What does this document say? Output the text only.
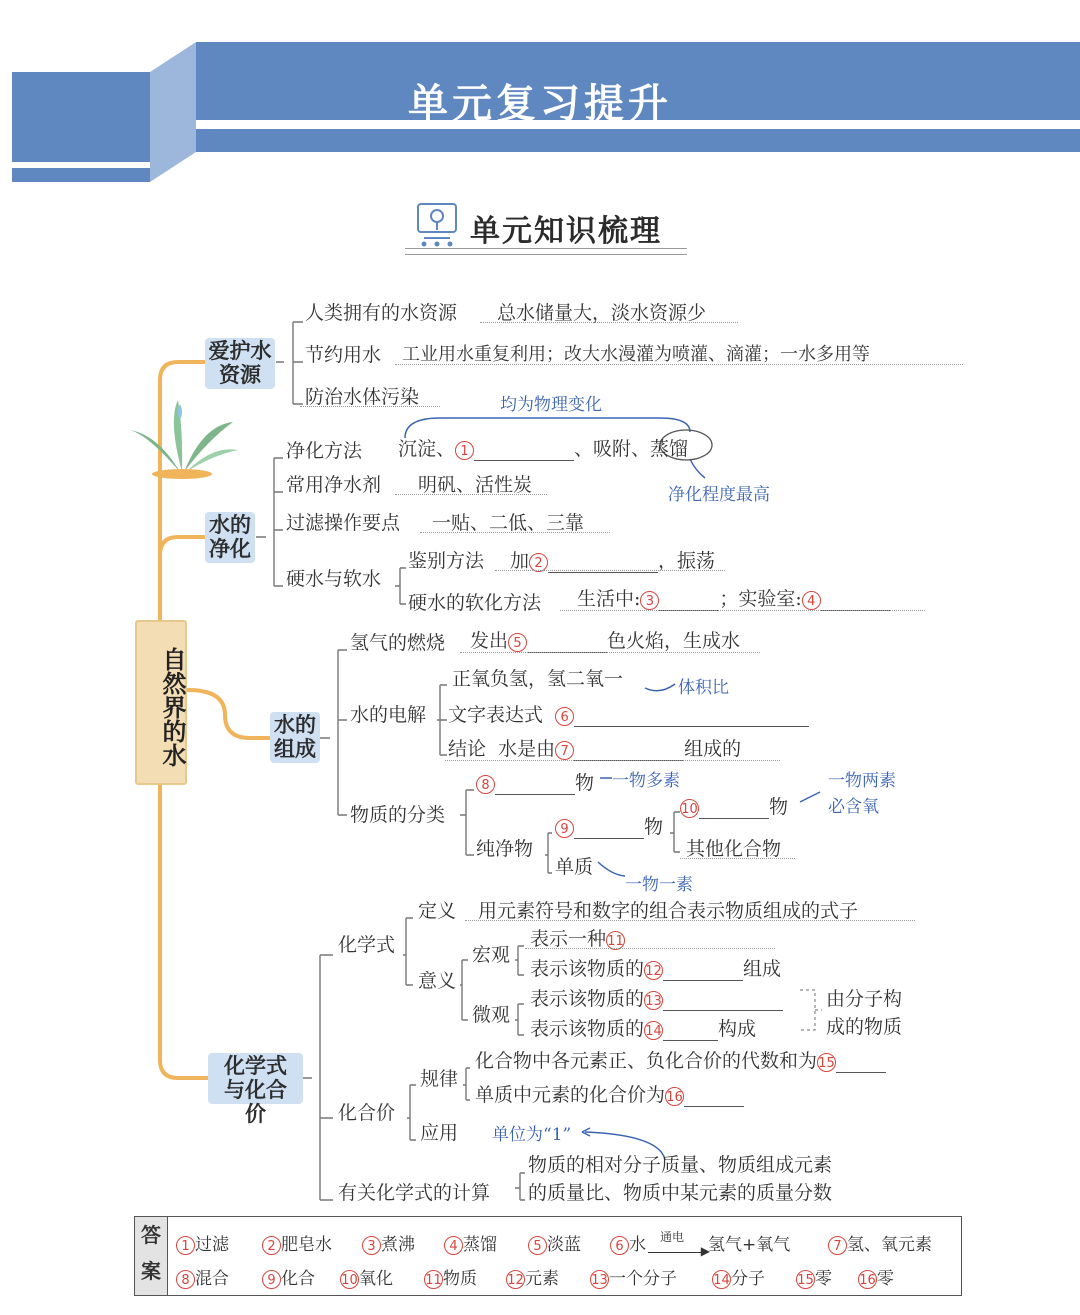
单元复习提升
单元知识梳理
自然界的水
爱护水资源
人类拥有的水资源 总水储量大，淡水资源少
节约用水 工业用水重复利用；改大水漫灌为喷灌、滴灌；一水多用等
防治水体污染
水的净化
均为物理变化
净化方法 沉淀、 1	、吸附、蒸馏
净化程度最高
常用净水剂 明矾、活性炭
过滤操作要点 一贴、二低、三靠
硬水与软水
鉴别方法 加 2	，振荡
硬水的软化方法 生活中: 3	；实验室: 4
水的组成
氢气的燃烧 发出 5	色火焰，生成水
水的电解
正氧负氢，氢二氧一	体积比
文字表达式 6
结论 水是由 7	组成的
物质的分类
8	物 一物多素
纯净物
9	物
10	物
一物两素
必含氧
其他化合物
单质
一物一素
化学式与化合价
化学式
定义 用元素符号和数字的组合表示物质组成的式子
意义
宏观
表示一种11
表示该物质的12	组成
微观
表示该物质的13
表示该物质的14	构成
由分子构
成的物质
化合价
规律
化合物中各元素正、负化合价的代数和为15
单质中元素的化合价为16
应用 单位为“1”
有关化学式的计算
物质的相对分子质量、物质组成元素
的质量比、物质中某元素的质量分数
答
案
1 过滤	2 肥皂水	3 煮沸	4 蒸馏	5 淡蓝	6 水 通电
▶
氢气+氧气	7 氢、氧元素
8 混合	9 化合 10氧化 11物质 12元素 13一个分子	14分子 15零 16零
